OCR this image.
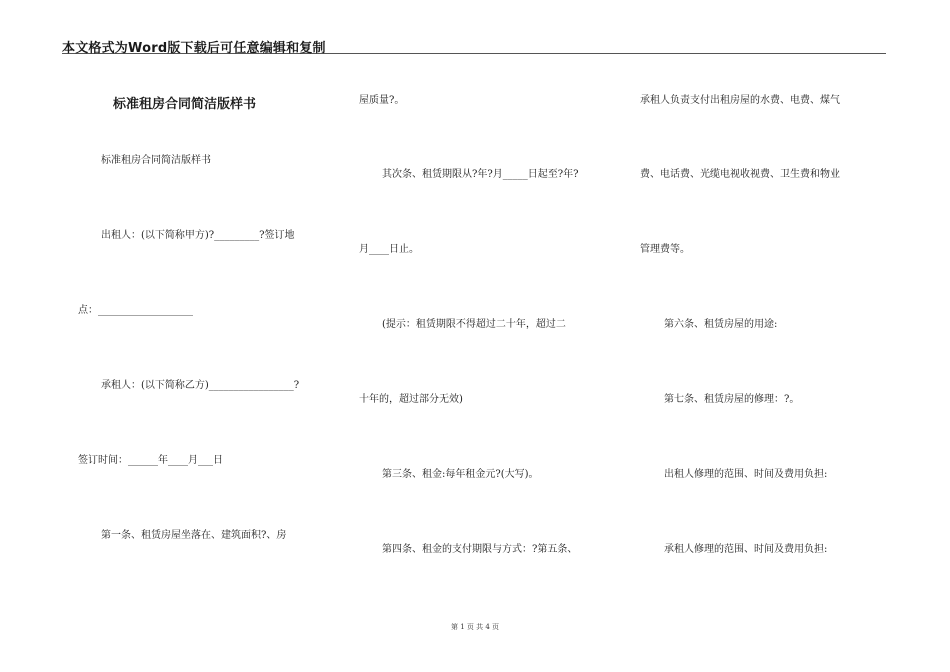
本文格式为Word版下载后可任意编辑和复制
标准租房合同简洁版样书
标准租房合同简洁版样书
出租人：(以下简称甲方)?_________?签订地
点：___________________
承租人：(以下简称乙方)_________________?
签订时间：______年____月___日
第一条、租赁房屋坐落在、建筑面积?、房
屋质量?。
其次条、租赁期限从?年?月_____日起至?年?
月____日止。
(提示：租赁期限不得超过二十年，超过二
十年的，超过部分无效)
第三条、租金:每年租金元?(大写)。
第四条、租金的支付期限与方式：?第五条、
承租人负责支付出租房屋的水费、电费、煤气
费、电话费、光缆电视收视费、卫生费和物业
管理费等。
第六条、租赁房屋的用途:
第七条、租赁房屋的修理：?。
出租人修理的范围、时间及费用负担:
承租人修理的范围、时间及费用负担:
第 1 页 共 4 页
